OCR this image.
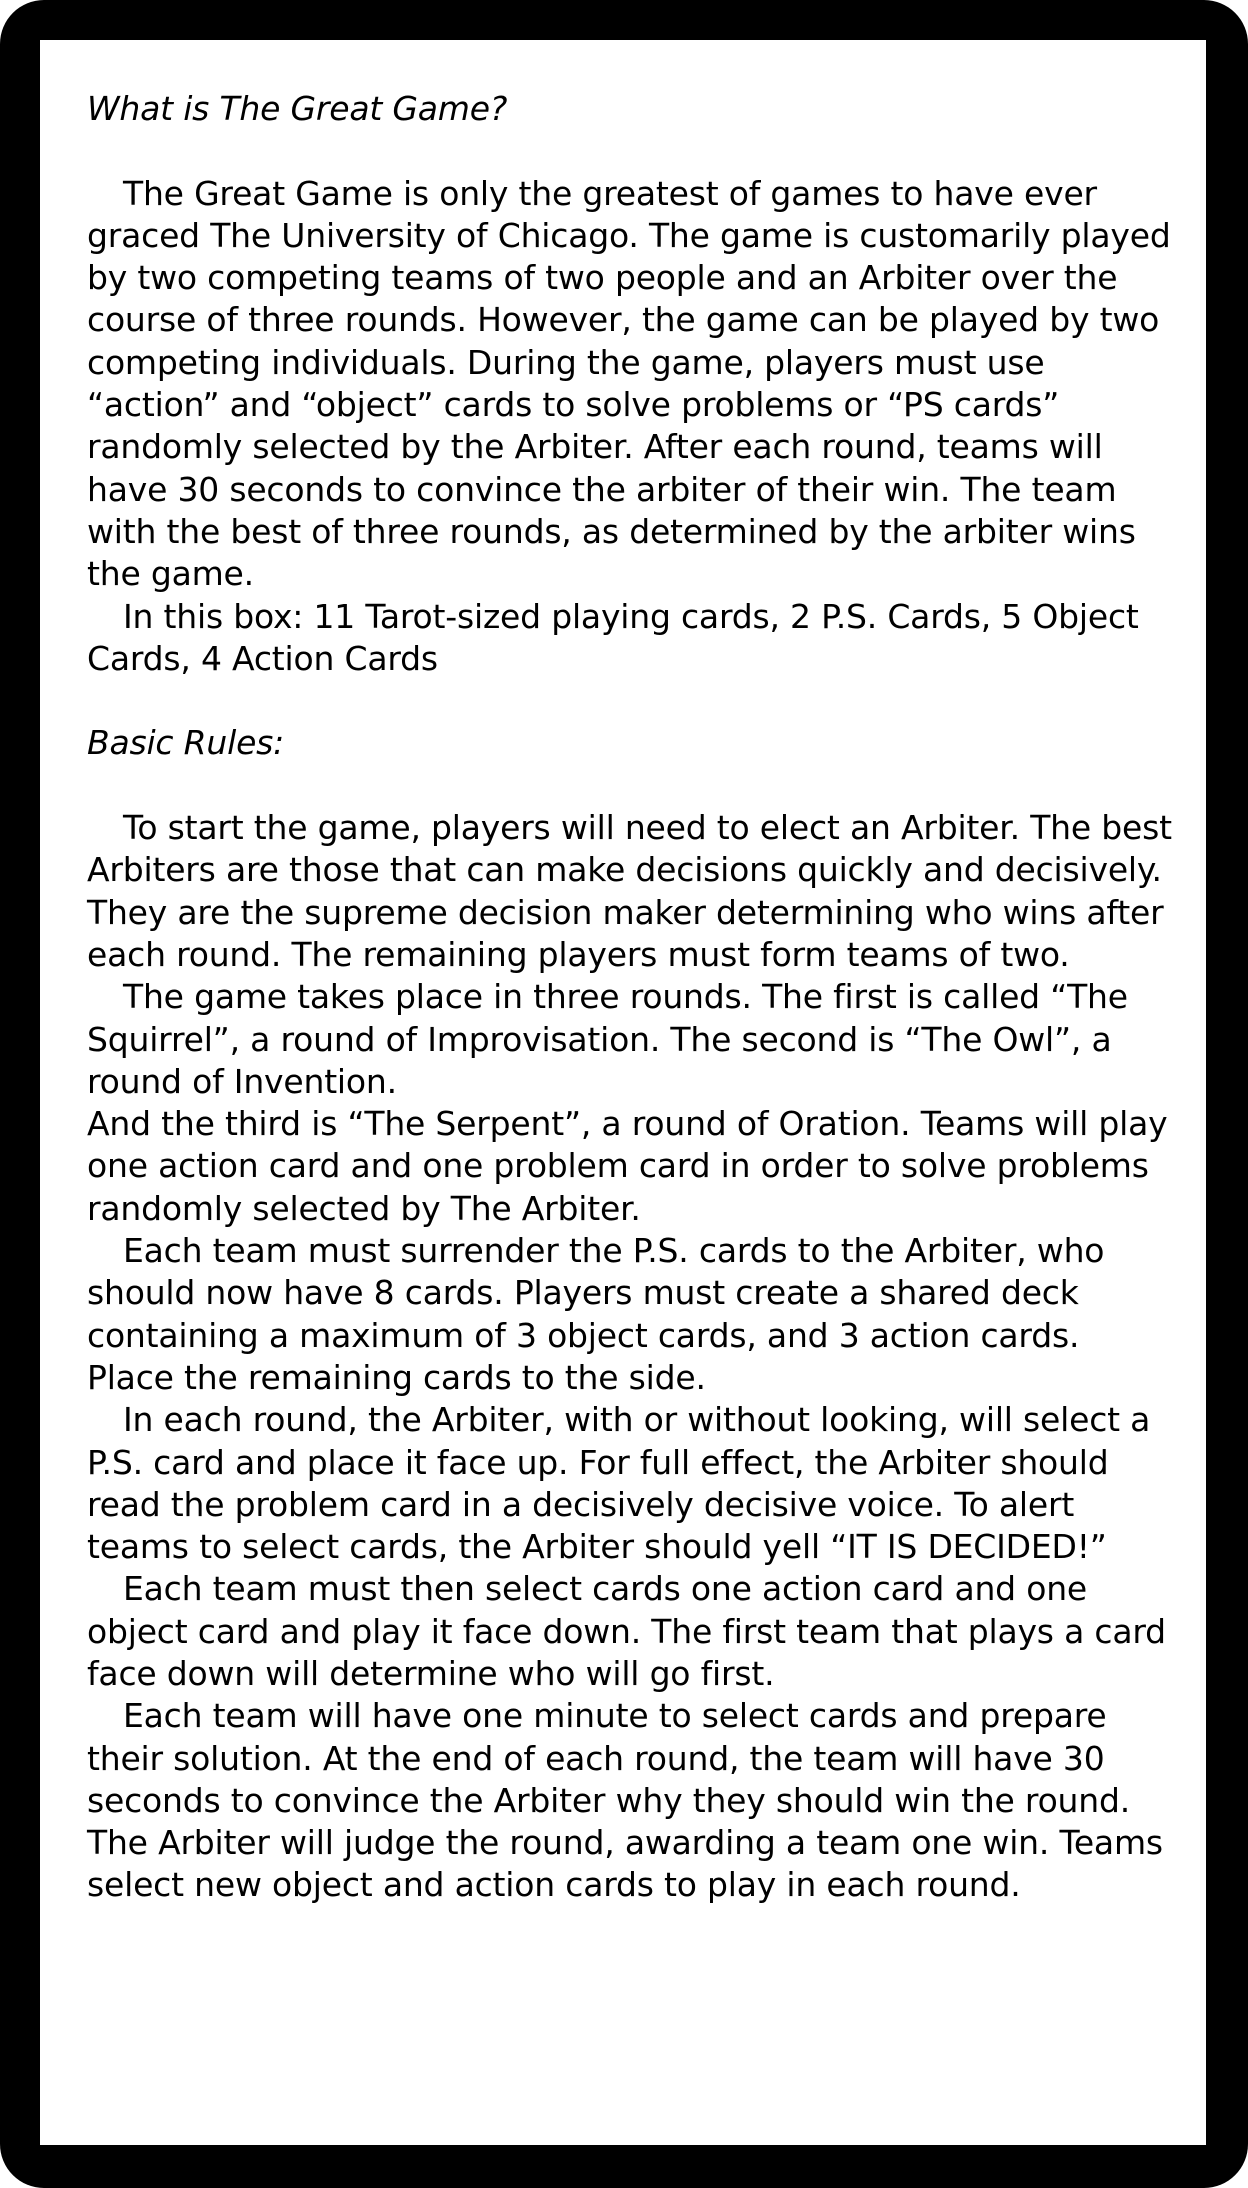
What is The Great Game?

The Great Game is only the greatest of games to have ever graced The University of Chicago. The game is customarily played by two competing teams of two people and an Arbiter over the course of three rounds. However, the game can be played by two competing individuals. During the game, players must use “action” and “object” cards to solve problems or “PS cards” randomly selected by the Arbiter. After each round, teams will have 30 seconds to convince the arbiter of their win. The team with the best of three rounds, as determined by the arbiter wins the game.

In this box: 11 Tarot-sized playing cards, 2 P.S. Cards, 5 Object Cards, 4 Action Cards

Basic Rules:

To start the game, players will need to elect an Arbiter. The best Arbiters are those that can make decisions quickly and decisively. They are the supreme decision maker determining who wins after each round. The remaining players must form teams of two.

The game takes place in three rounds. The first is called “The Squirrel”, a round of Improvisation. The second is “The Owl”, a round of Invention.

And the third is “The Serpent”, a round of Oration. Teams will play one action card and one problem card in order to solve problems randomly selected by The Arbiter.

Each team must surrender the P.S. cards to the Arbiter, who should now have 8 cards. Players must create a shared deck containing a maximum of 3 object cards, and 3 action cards. Place the remaining cards to the side.

In each round, the Arbiter, with or without looking, will select a P.S. card and place it face up. For full effect, the Arbiter should read the problem card in a decisively decisive voice. To alert teams to select cards, the Arbiter should yell “IT IS DECIDED!”

Each team must then select cards one action card and one object card and play it face down. The first team that plays a card face down will determine who will go first.

Each team will have one minute to select cards and prepare their solution. At the end of each round, the team will have 30 seconds to convince the Arbiter why they should win the round. The Arbiter will judge the round, awarding a team one win. Teams select new object and action cards to play in each round.
